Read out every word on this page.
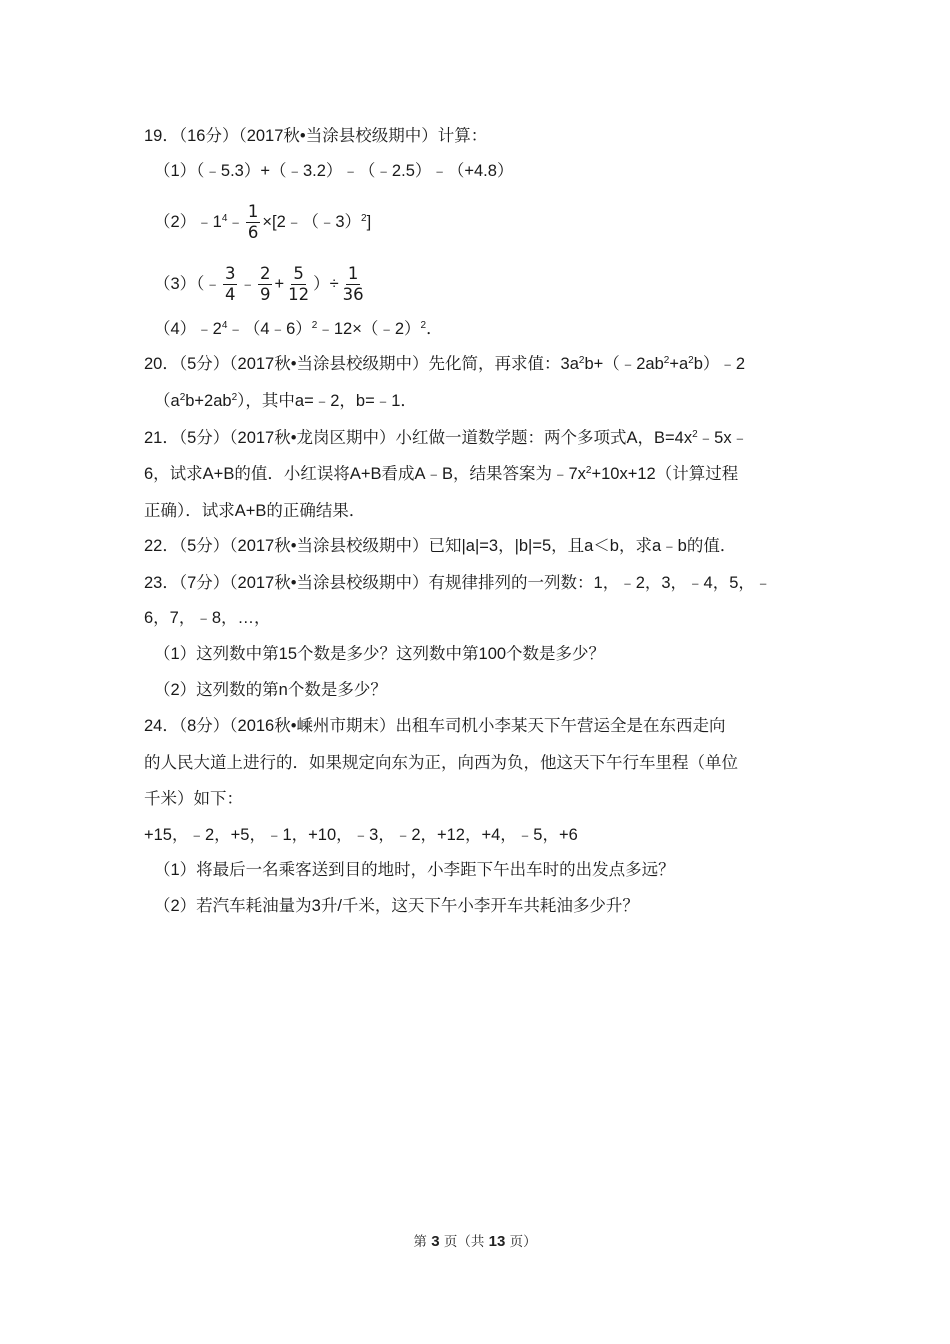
19．（16分）（2017秋•当涂县校级期中）计算：
（1）（﹣5.3）+（﹣3.2）﹣（﹣2.5）﹣（+4.8）
$(2)﹣1^4﹣ \frac{1}{6}$ ×[2﹣（﹣3）$^2$]
（3）（﹣ $\frac{3}{4}$ ﹣ $\frac{2}{9} + \frac{5}{12}$ ）÷ $\frac{1}{36}$
$(4)﹣2^4﹣(4﹣6)^2﹣12\times(﹣2)^2$．
20．（5分）（2017秋•当涂县校级期中）先化简，再求值：$3a^2b+(﹣2ab^2+a^2b)﹣2$
$(a^2b+2ab^2)$，其中a=﹣2，b=﹣1．
21．（5分）（2017秋•龙岗区期中）小红做一道数学题：两个多项式A，$B=4x^2﹣5x﹣$
6，试求A+B的值．小红误将A+B看成A﹣B，结果答案为$﹣7x^2+10x+12$（计算过程
正确）．试求A+B的正确结果．
22．（5分）（2017秋•当涂县校级期中）已知|a|=3，|b|=5，且a＜b，求a﹣b的值．
23．（7分）（2017秋•当涂县校级期中）有规律排列的一列数：1，﹣2，3，﹣4，5，﹣
6，7，﹣8，…，
（1）这列数中第15个数是多少？这列数中第100个数是多少？
（2）这列数的第n个数是多少？
24．（8分）（2016秋•嵊州市期末）出租车司机小李某天下午营运全是在东西走向
的人民大道上进行的．如果规定向东为正，向西为负，他这天下午行车里程（单位
千米）如下：
+15，﹣2，+5，﹣1，+10，﹣3，﹣2，+12，+4，﹣5，+6
（1）将最后一名乘客送到目的地时，小李距下午出车时的出发点多远？
（2）若汽车耗油量为3升/千米，这天下午小李开车共耗油多少升？
第 3 页（共 13 页）
